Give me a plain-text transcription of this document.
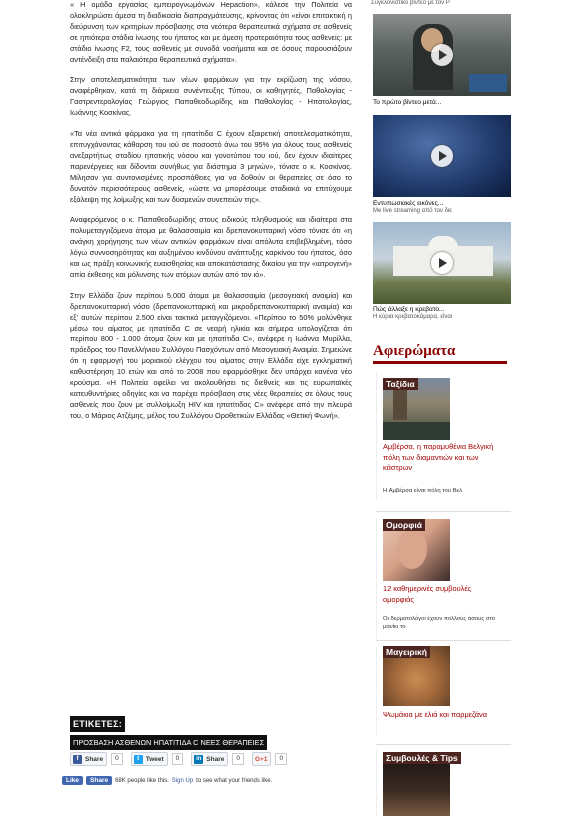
« Η ομάδα εργασίας εμπειρογνωμόνων Hepaction», κάλεσε την Πολιτεία να ολοκληρώσει άμεσα τη διαδικασία διαπραγμάτευσης, κρίνοντας ότι «είναι επιτακτική η διεύρυνση των κριτηρίων πρόσβασης στα νεότερα θεραπευτικά σχήματα σε ασθενείς σε ηπιότερα στάδια ίνωσης του ήπατος και με άμεση προτεραιότητα τους ασθενείς: με στάδιο ίνωσης F2, τους ασθενείς με συνοδά νοσήματα και σε όσους παρουσιάζουν αντένδειξη στα παλαιότερα θεραπευτικά σχήματα».

Στην αποτελεσματικότητα των νέων φαρμάκων για την εκρίζωση της νόσου, αναφέρθηκαν, κατά τη διάρκεια συνέντευξης Τύπου, οι καθηγητές, Παθολογίας - Γαστρεντερολογίας Γεώργιος Παπαθεοδωρίδης και Παθολογίας - Ηπατολογίας, Ιωάννης Κοσκίνας.

«Τα νέα αντικά φάρμακα για τη ηπατίτιδα C έχουν εξαιρετική αποτελεσματικότητα, επιτυγχάνοντας κάθαρση του ιού σε ποσοστό άνω του 95% για όλους τους ασθενείς ανεξαρτήτως σταδίου ηπατικής νόσου και γονοτύπου του ιού, δεν έχουν ιδιαίτερες παρενέργειες και δίδονται συνήθως για διάστημα 3 μηνών», τόνισε ο κ. Κοσκίνας. Μίλησαν για συντονισμένες προσπάθειες για να δοθούν οι θεραπείες σε όσο το δυνατόν περισσότερους ασθενείς, «ώστε να μπορέσουμε σταδιακά να επιτύχουμε εξάλειψη της λοίμωξης και των δυσμενών συνεπειών της».

Αναφερόμενος ο κ. Παπαθεοδωρίδης στους ειδικούς πληθυσμούς και ιδιαίτερα στα πολυμεταγγιζόμενα άτομα με θαλασσαιμία και δρεπανοκυτταρική νόσο τόνισε ότι «η ανάγκη χορήγησης των νέων αντικών φαρμάκων είναι απόλυτα επιβεβλημένη, τόσο λόγω συννοσηρότητας και αυξημένου κινδύνου ανάπτυξης καρκίνου του ήπατος, όσο και ως πράξη κοινωνικής ευαισθησίας και αποκατάστασης δικαίου για την «ιατρογενή» απία έκθεσης και μόλυνσης των ατόμων αυτών από τον ιό».

Στην Ελλάδα ζουν περίπου 5.000 άτομα με θαλασσαιμία (μεσογειακή αναιμία) και δρεπανοκυτταρική νόσο (δρεπανοκυτταρική και μικροδρεπανοκυτταρική αναιμία) και εξ' αυτών περίπου 2.500 είναι τακτικά μεταγγιζόμενοι. «Περίπου το 50% μολύνθηκε μέσω του αίματος με ηπατίτιδα C σε νεαρή ηλικία και σήμερα υπολογίζεται ότι περίπου 800 - 1.000 άτομα ζουν και με ηπατίτιδα C», ανέφερε η Ιωάννα Μυρίλλα, πρόεδρος του Πανελλήνιου Συλλόγου Πασχόντων από Μεσογειακή Αναιμία. Σημειώνε ότι η εφαρμογή του μοριακού ελέγχου του αίματος στην Ελλάδα είχε εγκληματική καθυστέρηση 10 ετών και από το 2008 που εφαρμόσθηκε δεν υπάρχει κανένα νέο κρούσμα. «Η Πολιτεία οφείλει να ακολουθήσει τις διεθνείς και τις ευρωπαϊκές κατευθυντήριες οδηγίες και να παρέχει πρόσβαση στις νέες θεραπείες σε όλους τους ασθενείς που ζουν με συλλοίμωξη HIV και ηπατίτιδας C» ανέφερε από την πλευρά του, ο Μάριος Ατζέμης, μέλος του Συλλόγου Οροθετικών Ελλάδας «Θετική Φωνή».

ΕΤΙΚΕΤΕΣ:
ΠΡΟΣΒΑΣΗ ΑΣΘΕΝΩΝ ΗΠΑΤΙΤΙΔΑ C ΝΕΕΣ ΘΕΡΑΠΕΙΕΣ
f	Share	0	t	Tweet	0	in Share	0	G+1	0
Like	Share	68K people like this. Sign Up to see what your friends like.
Συγκλονιστικό βίντεο με τον Ρ
Το πρώτο βίντεο μετά...
Εντυπωσιακές εικόνες...
Me live streaming από τον διε
Πώς άλλαξε η κρεβατο...
Η κύρια κρεβατοκάμαρα, είναι
Αφιερώματα
Ταξίδια
Αμβέρσα, η παραμυθένια Βελγική πόλη των διαμαντιών και των κάστρων
Η Αμβέρσα είναι πόλη του Βελ
Ομορφιά
12 καθημερινές συμβουλές ομορφιάς
Οι δερματολόγοι έχουν πολλούς άσους στο μανίκι το
Μαγειρική
Ψωμάκια με ελιά και παρμεζάνα
Συμβουλές & Tips
